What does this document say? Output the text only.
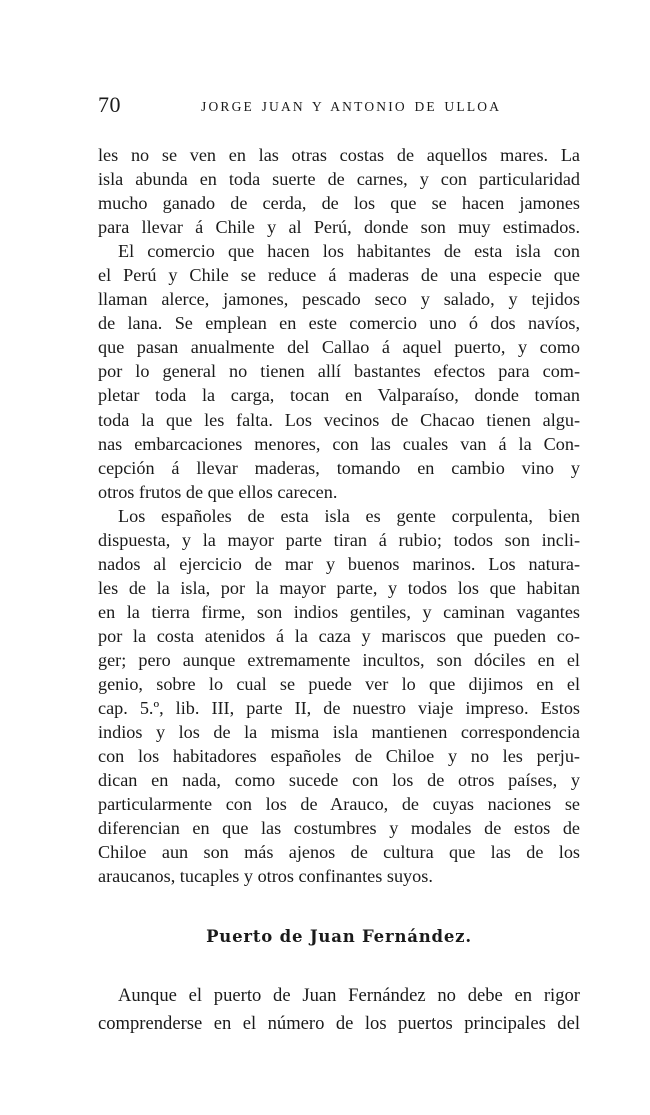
70	JORGE JUAN Y ANTONIO DE ULLOA
les no se ven en las otras costas de aquellos mares. La
isla abunda en toda suerte de carnes, y con particularidad
mucho ganado de cerda, de los que se hacen jamones
para llevar á Chile y al Perú, donde son muy estimados.
El comercio que hacen los habitantes de esta isla con
el Perú y Chile se reduce á maderas de una especie que
llaman alerce, jamones, pescado seco y salado, y tejidos
de lana. Se emplean en este comercio uno ó dos navíos,
que pasan anualmente del Callao á aquel puerto, y como
por lo general no tienen allí bastantes efectos para com-
pletar toda la carga, tocan en Valparaíso, donde toman
toda la que les falta. Los vecinos de Chacao tienen algu-
nas embarcaciones menores, con las cuales van á la Con-
cepción á llevar maderas, tomando en cambio vino y
otros frutos de que ellos carecen.
Los españoles de esta isla es gente corpulenta, bien
dispuesta, y la mayor parte tiran á rubio; todos son incli-
nados al ejercicio de mar y buenos marinos. Los natura-
les de la isla, por la mayor parte, y todos los que habitan
en la tierra firme, son indios gentiles, y caminan vagantes
por la costa atenidos á la caza y mariscos que pueden co-
ger; pero aunque extremamente incultos, son dóciles en el
genio, sobre lo cual se puede ver lo que dijimos en el
cap. 5.º, lib. III, parte II, de nuestro viaje impreso. Estos
indios y los de la misma isla mantienen correspondencia
con los habitadores españoles de Chiloe y no les perju-
dican en nada, como sucede con los de otros países, y
particularmente con los de Arauco, de cuyas naciones se
diferencian en que las costumbres y modales de estos de
Chiloe aun son más ajenos de cultura que las de los
araucanos, tucaples y otros confinantes suyos.
Puerto de Juan Fernández.
Aunque el puerto de Juan Fernández no debe en rigor
comprenderse en el número de los puertos principales del
